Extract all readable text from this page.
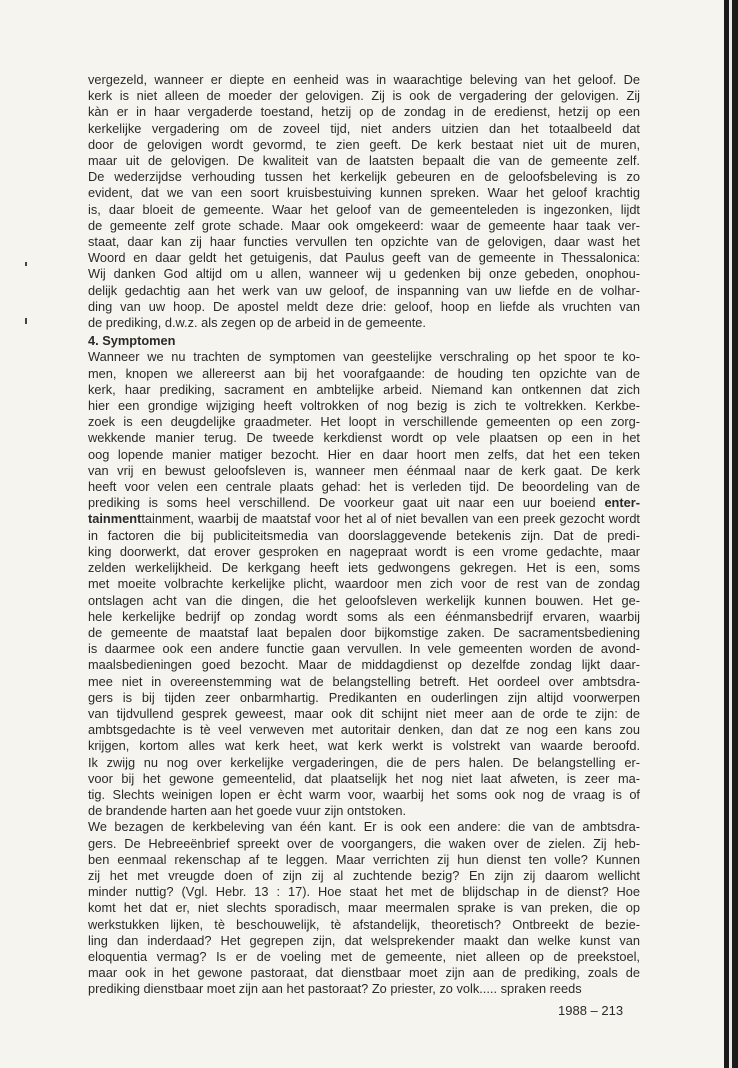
vergezeld, wanneer er diepte en eenheid was in waarachtige beleving van het geloof. De
kerk is niet alleen de moeder der gelovigen. Zij is ook de vergadering der gelovigen. Zij
kàn er in haar vergaderde toestand, hetzij op de zondag in de eredienst, hetzij op een
kerkelijke vergadering om de zoveel tijd, niet anders uitzien dan het totaalbeeld dat
door de gelovigen wordt gevormd, te zien geeft. De kerk bestaat niet uit de muren,
maar uit de gelovigen. De kwaliteit van de laatsten bepaalt die van de gemeente zelf.
De wederzijdse verhouding tussen het kerkelijk gebeuren en de geloofsbeleving is zo
evident, dat we van een soort kruisbestuiving kunnen spreken. Waar het geloof krachtig
is, daar bloeit de gemeente. Waar het geloof van de gemeenteleden is ingezonken, lijdt
de gemeente zelf grote schade. Maar ook omgekeerd: waar de gemeente haar taak ver-
staat, daar kan zij haar functies vervullen ten opzichte van de gelovigen, daar wast het
Woord en daar geldt het getuigenis, dat Paulus geeft van de gemeente in Thessalonica:
Wij danken God altijd om u allen, wanneer wij u gedenken bij onze gebeden, onophou-
delijk gedachtig aan het werk van uw geloof, de inspanning van uw liefde en de volhar-
ding van uw hoop. De apostel meldt deze drie: geloof, hoop en liefde als vruchten van
de prediking, d.w.z. als zegen op de arbeid in de gemeente.

4. Symptomen

Wanneer we nu trachten de symptomen van geestelijke verschraling op het spoor te ko-
men, knopen we allereerst aan bij het voorafgaande: de houding ten opzichte van de
kerk, haar prediking, sacrament en ambtelijke arbeid. Niemand kan ontkennen dat zich
hier een grondige wijziging heeft voltrokken of nog bezig is zich te voltrekken. Kerkbe-
zoek is een deugdelijke graadmeter. Het loopt in verschillende gemeenten op een zorg-
wekkende manier terug. De tweede kerkdienst wordt op vele plaatsen op een in het
oog lopende manier matiger bezocht. Hier en daar hoort men zelfs, dat het een teken
van vrij en bewust geloofsleven is, wanneer men éénmaal naar de kerk gaat. De kerk
heeft voor velen een centrale plaats gehad: het is verleden tijd. De beoordeling van de
prediking is soms heel verschillend. De voorkeur gaat uit naar een uur boeiend enter-
tainmenttainment, waarbij de maatstaf voor het al of niet bevallen van een preek gezocht wordt
in factoren die bij publiciteitsmedia van doorslaggevende betekenis zijn. Dat de predi-
king doorwerkt, dat erover gesproken en nagepraat wordt is een vrome gedachte, maar
zelden werkelijkheid. De kerkgang heeft iets gedwongens gekregen. Het is een, soms
met moeite volbrachte kerkelijke plicht, waardoor men zich voor de rest van de zondag
ontslagen acht van die dingen, die het geloofsleven werkelijk kunnen bouwen. Het ge-
hele kerkelijke bedrijf op zondag wordt soms als een éénmansbedrijf ervaren, waarbij
de gemeente de maatstaf laat bepalen door bijkomstige zaken. De sacramentsbediening
is daarmee ook een andere functie gaan vervullen. In vele gemeenten worden de avond-
maalsbedieningen goed bezocht. Maar de middagdienst op dezelfde zondag lijkt daar-
mee niet in overeenstemming wat de belangstelling betreft. Het oordeel over ambtsdra-
gers is bij tijden zeer onbarmhartig. Predikanten en ouderlingen zijn altijd voorwerpen
van tijdvullend gesprek geweest, maar ook dit schijnt niet meer aan de orde te zijn: de
ambtsgedachte is tè veel verweven met autoritair denken, dan dat ze nog een kans zou
krijgen, kortom alles wat kerk heet, wat kerk werkt is volstrekt van waarde beroofd.
Ik zwijg nu nog over kerkelijke vergaderingen, die de pers halen. De belangstelling er-
voor bij het gewone gemeentelid, dat plaatselijk het nog niet laat afweten, is zeer ma-
tig. Slechts weinigen lopen er ècht warm voor, waarbij het soms ook nog de vraag is of
de brandende harten aan het goede vuur zijn ontstoken.

We bezagen de kerkbeleving van één kant. Er is ook een andere: die van de ambtsdra-
gers. De Hebreeënbrief spreekt over de voorgangers, die waken over de zielen. Zij heb-
ben eenmaal rekenschap af te leggen. Maar verrichten zij hun dienst ten volle? Kunnen
zij het met vreugde doen of zijn zij al zuchtende bezig? En zijn zij daarom wellicht
minder nuttig? (Vgl. Hebr. 13 : 17). Hoe staat het met de blijdschap in de dienst? Hoe
komt het dat er, niet slechts sporadisch, maar meermalen sprake is van preken, die op
werkstukken lijken, tè beschouwelijk, tè afstandelijk, theoretisch? Ontbreekt de bezie-
ling dan inderdaad? Het gegrepen zijn, dat welsprekender maakt dan welke kunst van
eloquentia vermag? Is er de voeling met de gemeente, niet alleen op de preekstoel,
maar ook in het gewone pastoraat, dat dienstbaar moet zijn aan de prediking, zoals de
prediking dienstbaar moet zijn aan het pastoraat? Zo priester, zo volk..... spraken reeds

1988 – 213
